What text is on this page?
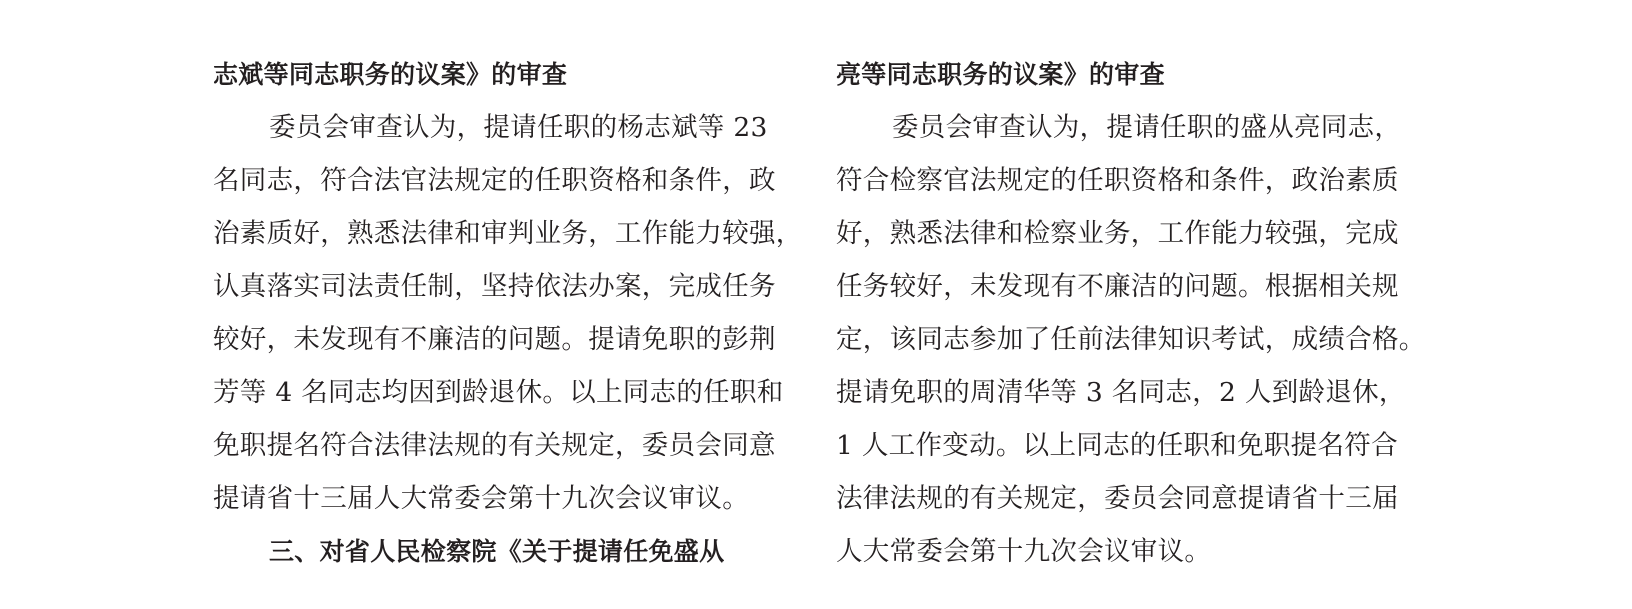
志斌等同志职务的议案》的审查
委员会审查认为，提请任职的杨志斌等 23
名同志，符合法官法规定的任职资格和条件，政
治素质好，熟悉法律和审判业务，工作能力较强，
认真落实司法责任制，坚持依法办案，完成任务
较好，未发现有不廉洁的问题。提请免职的彭荆
芳等 4 名同志均因到龄退休。以上同志的任职和
免职提名符合法律法规的有关规定，委员会同意
提请省十三届人大常委会第十九次会议审议。
三、对省人民检察院《关于提请任免盛从
亮等同志职务的议案》的审查
委员会审查认为，提请任职的盛从亮同志，
符合检察官法规定的任职资格和条件，政治素质
好，熟悉法律和检察业务，工作能力较强，完成
任务较好，未发现有不廉洁的问题。根据相关规
定，该同志参加了任前法律知识考试，成绩合格。
提请免职的周清华等 3 名同志，2 人到龄退休，
1 人工作变动。以上同志的任职和免职提名符合
法律法规的有关规定，委员会同意提请省十三届
人大常委会第十九次会议审议。
